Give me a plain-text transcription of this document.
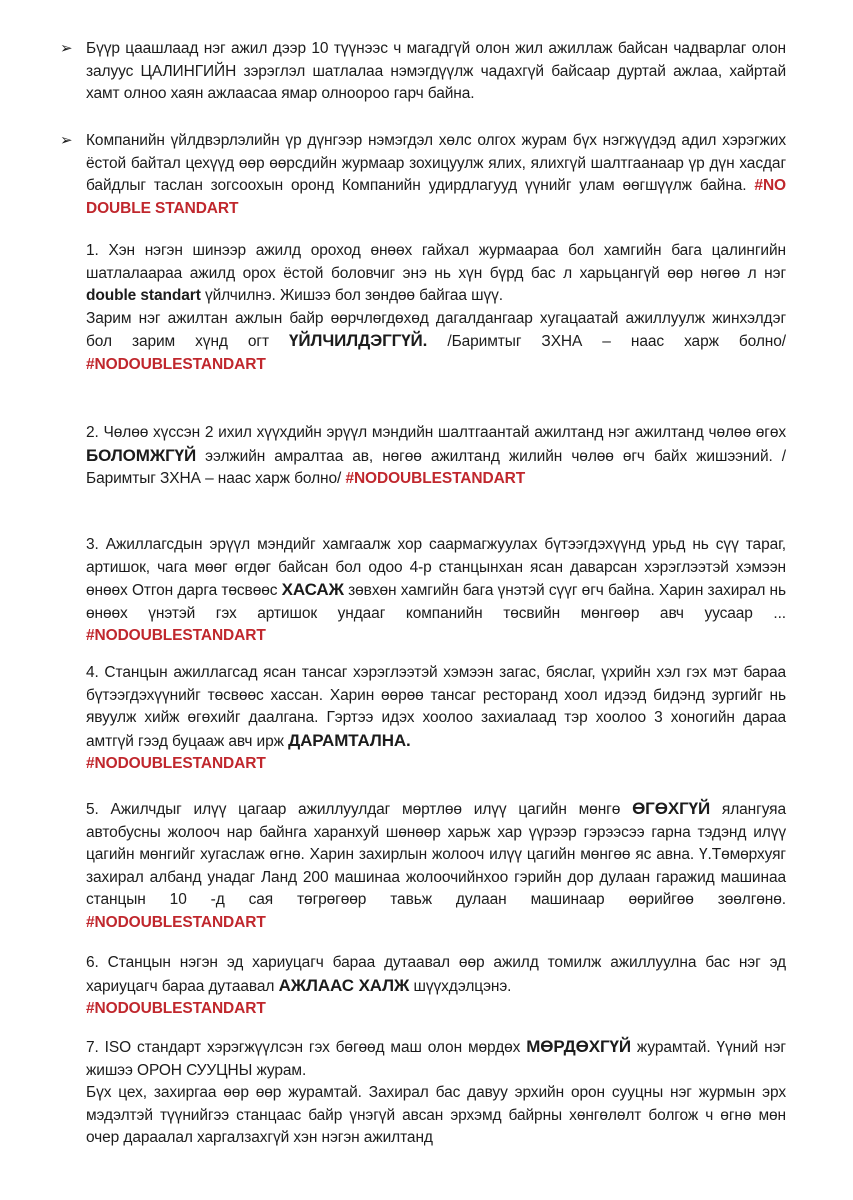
➢ Бүүр цаашлаад нэг ажил дээр 10 түүнээс ч магадгүй олон жил ажиллаж байсан чадварлаг олон залуус ЦАЛИНГИЙН зэрэглэл шатлалаа нэмэгдүүлж чадахгүй байсаар дуртай ажлаа, хайртай хамт олноо хаян ажлаасаа ямар олноороо гарч байна.
➢ Компанийн үйлдвэрлэлийн үр дүнгээр нэмэгдэл хөлс олгох журам бүх нэгжүүдэд адил хэрэгжих ёстой байтал цехүүд өөр өөрсдийн журмаар зохицуулж ялих, ялихгүй шалтгаанаар үр дүн хасдаг байдлыг таслан зогсоохын оронд Компанийн удирдлагууд үүнийг улам өөгшүүлж байна. #NO DOUBLE STANDART
1. Хэн нэгэн шинээр ажилд ороход өнөөх гайхал журмаараа бол хамгийн бага цалингийн шатлалаараа ажилд орох ёстой боловчиг энэ нь хүн бүрд бас л харьцангүй өөр нөгөө л нэг double standart үйлчилнэ. Жишээ бол зөндөө байгаа шүү.
Зарим нэг ажилтан ажлын байр өөрчлөгдөхөд дагалдангаар хугацаатай ажиллуулж жинхэлдэг бол зарим хүнд огт ҮЙЛЧИЛДЭГГҮЙ. /Баримтыг ЗХНА – наас харж болно/ #NODOUBLESTANDART
2. Чөлөө хүссэн 2 ихил хүүхдийн эрүүл мэндийн шалтгаантай ажилтанд нэг ажилтанд чөлөө өгөх БОЛОМЖГҮЙ ээлжийн амралтаа ав, нөгөө ажилтанд жилийн чөлөө өгч байх жишээний. /Баримтыг ЗХНА – наас харж болно/ #NODOUBLESTANDART
3. Ажиллагсдын эрүүл мэндийг хамгаалж хор саармагжуулах бүтээгдэхүүнд урьд нь сүү тараг, артишок, чага мөөг өгдөг байсан бол одоо 4-р станцынхан ясан даварсан хэрэглээтэй хэмээн өнөөх Отгон дарга төсвөөс ХАСАЖ зөвхөн хамгийн бага үнэтэй сүүг өгч байна. Харин захирал нь өнөөх үнэтэй гэх артишок ундааг компанийн төсвийн мөнгөөр авч уусаар ... #NODOUBLESTANDART
4. Станцын ажиллагсад ясан тансаг хэрэглээтэй хэмээн загас, бяслаг, үхрийн хэл гэх мэт бараа бүтээгдэхүүнийг төсвөөс хассан. Харин өөрөө тансаг ресторанд хоол идээд бидэнд зургийг нь явуулж хийж өгөхийг даалгана. Гэртээ идэх хоолоо захиалаад тэр хоолоо 3 хоногийн дараа амтгүй гээд буцааж авч ирж ДАРАМТАЛНА.
#NODOUBLESTANDART
5. Ажилчдыг илүү цагаар ажиллуулдаг мөртлөө илүү цагийн мөнгө ӨГӨХГҮЙ ялангуяа автобусны жолооч нар байнга харанхуй шөнөөр харьж хар үүрээр гэрээсээ гарна тэдэнд илүү цагийн мөнгийг хугаслаж өгнө. Харин захирлын жолооч илүү цагийн мөнгөө яс авна. Ү.Төмөрхуяг захирал албанд унадаг Ланд 200 машинаа жолоочийнхоо гэрийн дор дулаан гаражид машинаа станцын 10 -д сая төгрөгөөр тавьж дулаан машинаар өөрийгөө зөөлгөнө. #NODOUBLESTANDART
6. Станцын нэгэн эд хариуцагч бараа дутаавал өөр ажилд томилж ажиллуулна бас нэг эд хариуцагч бараа дутаавал АЖЛААС ХАЛЖ шүүхдэлцэнэ.
#NODOUBLESTANDART
7. ISO стандарт хэрэгжүүлсэн гэх бөгөөд маш олон мөрдөх МӨРДӨХГҮЙ журамтай. Үүний нэг жишээ ОРОН СУУЦНЫ журам.
Бүх цех, захиргаа өөр өөр журамтай. Захирал бас давуу эрхийн орон сууцны нэг журмын эрх мэдэлтэй түүнийгээ станцаас байр үнэгүй авсан эрхэмд байрны хөнгөлөлт болгож ч өгнө мөн очер дараалал харгалзахгүй хэн нэгэн ажилтанд
